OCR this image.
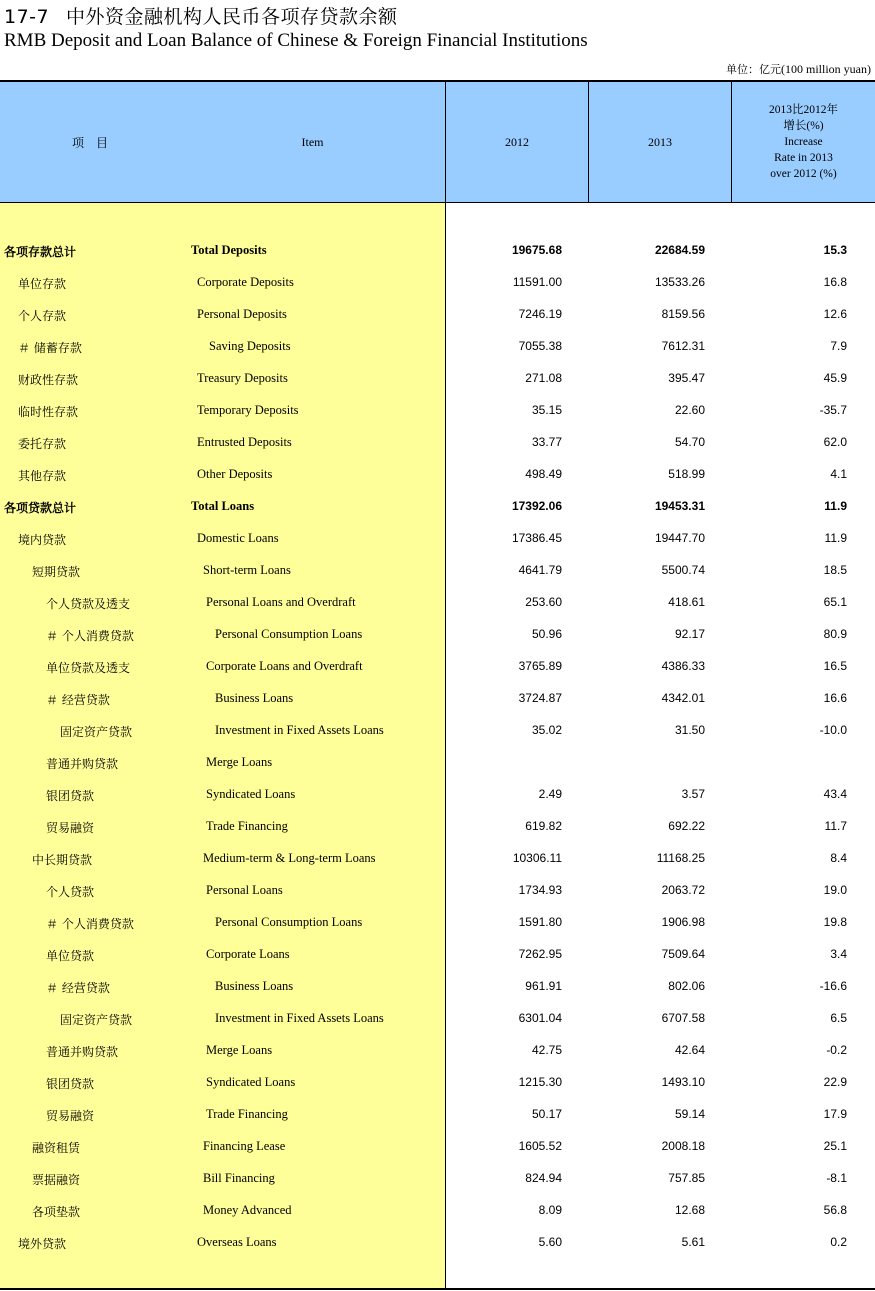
17-7 中外资金融机构人民币各项存贷款余额
RMB Deposit and Loan Balance of Chinese & Foreign Financial Institutions
单位：亿元(100 million yuan)
项　目	Item	2012	2013
2013比2012年
增长(%)
Increase
Rate in 2013
over 2012 (%)
各项存款总计	Total Deposits	19675.68	22684.59	15.3
单位存款	Corporate Deposits	11591.00	13533.26	16.8
个人存款	Personal Deposits	7246.19	8159.56	12.6
＃ 储蓄存款	Saving Deposits	7055.38	7612.31	7.9
财政性存款	Treasury Deposits	271.08	395.47	45.9
临时性存款	Temporary Deposits	35.15	22.60	-35.7
委托存款	Entrusted Deposits	33.77	54.70	62.0
其他存款	Other Deposits	498.49	518.99	4.1
各项贷款总计	Total Loans	17392.06	19453.31	11.9
境内贷款	Domestic Loans	17386.45	19447.70	11.9
短期贷款	Short-term Loans	4641.79	5500.74	18.5
个人贷款及透支	Personal Loans and Overdraft	253.60	418.61	65.1
＃ 个人消费贷款	Personal Consumption Loans	50.96	92.17	80.9
单位贷款及透支	Corporate Loans and Overdraft	3765.89	4386.33	16.5
＃ 经营贷款	Business Loans	3724.87	4342.01	16.6
固定资产贷款	Investment in Fixed Assets Loans	35.02	31.50	-10.0
普通并购贷款	Merge Loans
银团贷款	Syndicated Loans	2.49	3.57	43.4
贸易融资	Trade Financing	619.82	692.22	11.7
中长期贷款	Medium-term & Long-term Loans	10306.11	11168.25	8.4
个人贷款	Personal Loans	1734.93	2063.72	19.0
＃ 个人消费贷款	Personal Consumption Loans	1591.80	1906.98	19.8
单位贷款	Corporate Loans	7262.95	7509.64	3.4
＃ 经营贷款	Business Loans	961.91	802.06	-16.6
固定资产贷款	Investment in Fixed Assets Loans	6301.04	6707.58	6.5
普通并购贷款	Merge Loans	42.75	42.64	-0.2
银团贷款	Syndicated Loans	1215.30	1493.10	22.9
贸易融资	Trade Financing	50.17	59.14	17.9
融资租赁	Financing Lease	1605.52	2008.18	25.1
票据融资	Bill Financing	824.94	757.85	-8.1
各项垫款	Money Advanced	8.09	12.68	56.8
境外贷款	Overseas Loans	5.60	5.61	0.2
